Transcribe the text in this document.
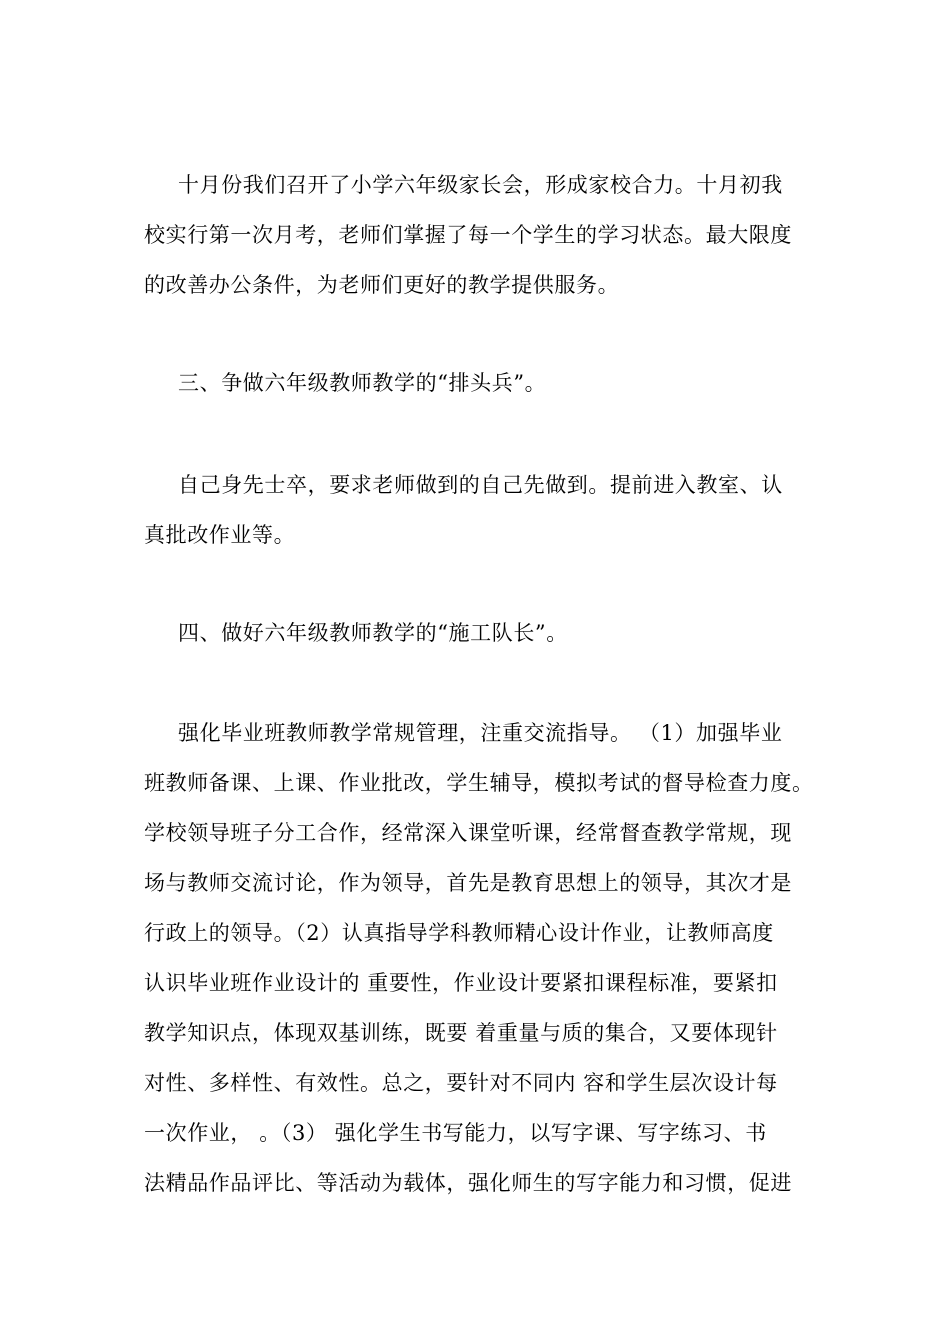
十月份我们召开了小学六年级家长会，形成家校合力。十月初我
校实行第一次月考，老师们掌握了每一个学生的学习状态。最大限度
的改善办公条件，为老师们更好的教学提供服务。
三、争做六年级教师教学的“排头兵”。
自己身先士卒，要求老师做到的自己先做到。提前进入教室、认
真批改作业等。
四、做好六年级教师教学的“施工队长”。
强化毕业班教师教学常规管理，注重交流指导。 （1）加强毕业
班教师备课、上课、作业批改，学生辅导，模拟考试的督导检查力度。
学校领导班子分工合作，经常深入课堂听课，经常督查教学常规，现
场与教师交流讨论，作为领导，首先是教育思想上的领导，其次才是
行政上的领导。（2）认真指导学科教师精心设计作业，让教师高度
认识毕业班作业设计的 重要性，作业设计要紧扣课程标准，要紧扣
教学知识点，体现双基训练，既要 着重量与质的集合，又要体现针
对性、多样性、有效性。总之，要针对不同内 容和学生层次设计每
一次作业， 。（3） 强化学生书写能力，以写字课、写字练习、书
法精品作品评比、等活动为载体，强化师生的写字能力和习惯，促进
